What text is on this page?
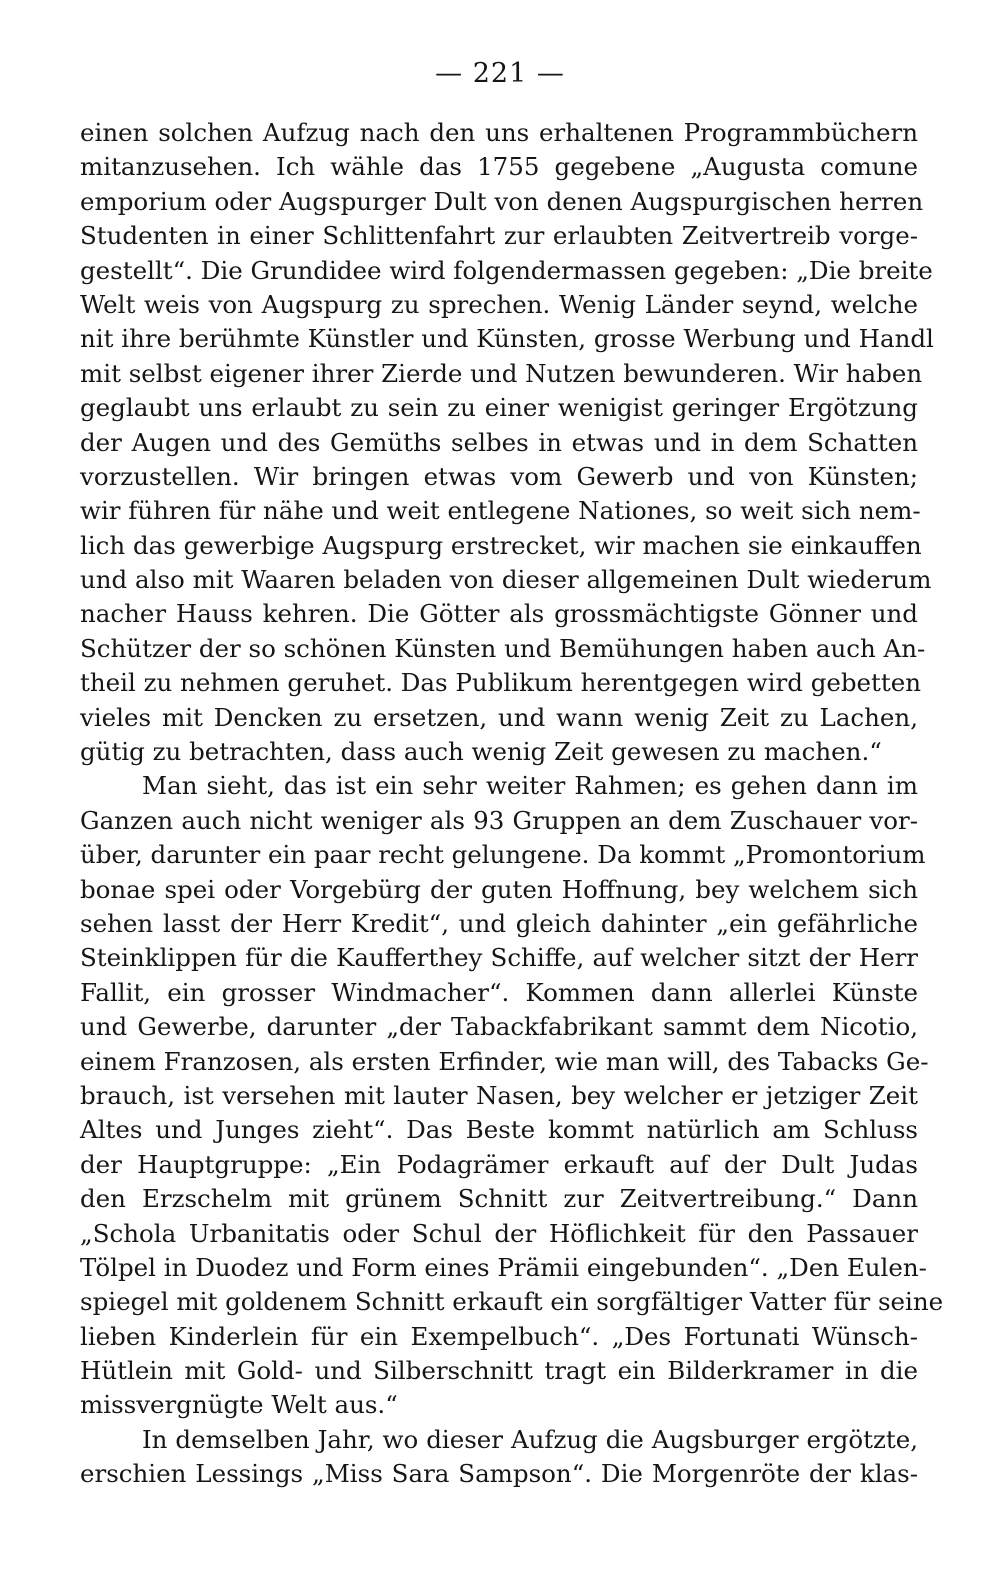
— 221 —
einen solchen Aufzug nach den uns erhaltenen Programmbüchern
mitanzusehen. Ich wähle das 1755 gegebene „Augusta comune
emporium oder Augspurger Dult von denen Augspurgischen herren
Studenten in einer Schlittenfahrt zur erlaubten Zeitvertreib vorge-
gestellt“. Die Grundidee wird folgendermassen gegeben: „Die breite
Welt weis von Augspurg zu sprechen. Wenig Länder seynd, welche
nit ihre berühmte Künstler und Künsten, grosse Werbung und Handl
mit selbst eigener ihrer Zierde und Nutzen bewunderen. Wir haben
geglaubt uns erlaubt zu sein zu einer wenigist geringer Ergötzung
der Augen und des Gemüths selbes in etwas und in dem Schatten
vorzustellen. Wir bringen etwas vom Gewerb und von Künsten;
wir führen für nähe und weit entlegene Nationes, so weit sich nem-
lich das gewerbige Augspurg erstrecket, wir machen sie einkauffen
und also mit Waaren beladen von dieser allgemeinen Dult wiederum
nacher Hauss kehren. Die Götter als grossmächtigste Gönner und
Schützer der so schönen Künsten und Bemühungen haben auch An-
theil zu nehmen geruhet. Das Publikum herentgegen wird gebetten
vieles mit Dencken zu ersetzen, und wann wenig Zeit zu Lachen,
gütig zu betrachten, dass auch wenig Zeit gewesen zu machen.“
Man sieht, das ist ein sehr weiter Rahmen; es gehen dann im
Ganzen auch nicht weniger als 93 Gruppen an dem Zuschauer vor-
über, darunter ein paar recht gelungene. Da kommt „Promontorium
bonae spei oder Vorgebürg der guten Hoffnung, bey welchem sich
sehen lasst der Herr Kredit“, und gleich dahinter „ein gefährliche
Steinklippen für die Kaufferthey Schiffe, auf welcher sitzt der Herr
Fallit, ein grosser Windmacher“. Kommen dann allerlei Künste
und Gewerbe, darunter „der Tabackfabrikant sammt dem Nicotio,
einem Franzosen, als ersten Erfinder, wie man will, des Tabacks Ge-
brauch, ist versehen mit lauter Nasen, bey welcher er jetziger Zeit
Altes und Junges zieht“. Das Beste kommt natürlich am Schluss
der Hauptgruppe: „Ein Podagrämer erkauft auf der Dult Judas
den Erzschelm mit grünem Schnitt zur Zeitvertreibung.“ Dann
„Schola Urbanitatis oder Schul der Höflichkeit für den Passauer
Tölpel in Duodez und Form eines Prämii eingebunden“. „Den Eulen-
spiegel mit goldenem Schnitt erkauft ein sorgfältiger Vatter für seine
lieben Kinderlein für ein Exempelbuch“. „Des Fortunati Wünsch-
Hütlein mit Gold- und Silberschnitt tragt ein Bilderkramer in die
missvergnügte Welt aus.“
In demselben Jahr, wo dieser Aufzug die Augsburger ergötzte,
erschien Lessings „Miss Sara Sampson“. Die Morgenröte der klas-
